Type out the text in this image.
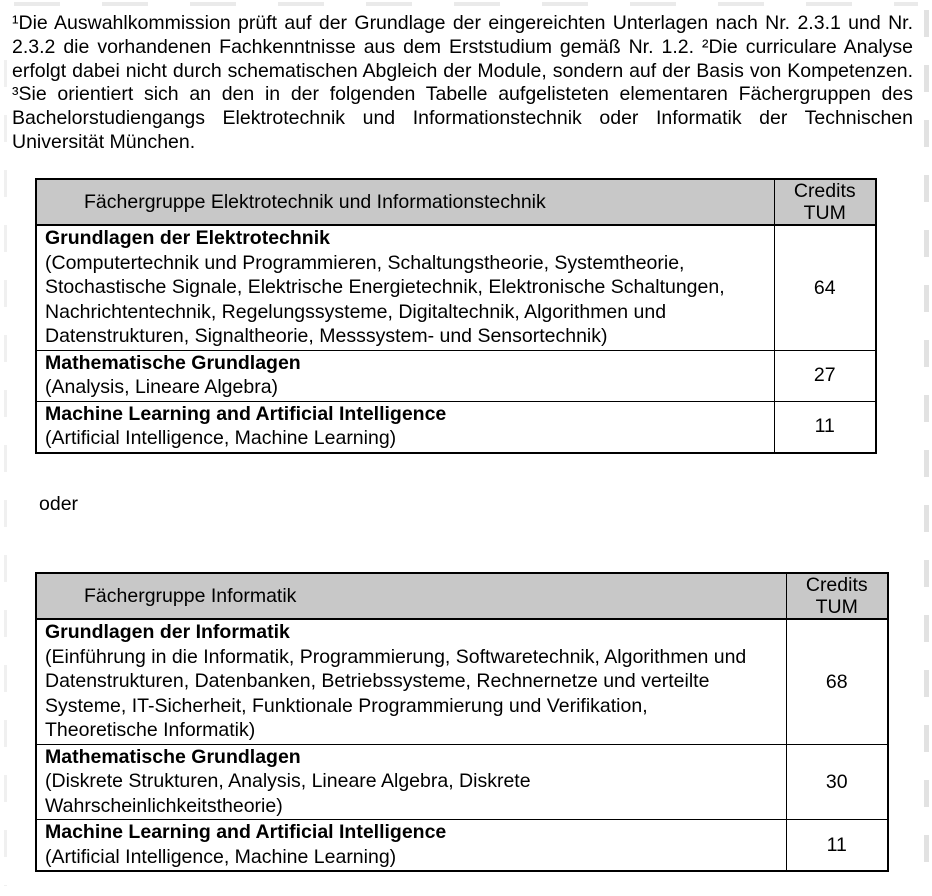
¹Die Auswahlkommission prüft auf der Grundlage der eingereichten Unterlagen nach Nr. 2.3.1 und Nr. 2.3.2 die vorhandenen Fachkenntnisse aus dem Erststudium gemäß Nr. 1.2. ²Die curriculare Analyse erfolgt dabei nicht durch schematischen Abgleich der Module, sondern auf der Basis von Kompetenzen. ³Sie orientiert sich an den in der folgenden Tabelle aufgelisteten elementaren Fächergruppen des Bachelorstudiengangs Elektrotechnik und Informationstechnik oder Informatik der Technischen Universität München.

Fächergruppe Elektrotechnik und Informationstechnik	Credits
TUM

Grundlagen der Elektrotechnik
(Computertechnik und Programmieren, Schaltungstheorie, Systemtheorie, Stochastische Signale, Elektrische Energietechnik, Elektronische Schaltungen, Nachrichtentechnik, Regelungssysteme, Digitaltechnik, Algorithmen und Datenstrukturen, Signaltheorie, Messsystem- und Sensortechnik)	64

Mathematische Grundlagen
(Analysis, Lineare Algebra)	27

Machine Learning and Artificial Intelligence
(Artificial Intelligence, Machine Learning)	11

oder

Fächergruppe Informatik	Credits
TUM

Grundlagen der Informatik
(Einführung in die Informatik, Programmierung, Softwaretechnik, Algorithmen und Datenstrukturen, Datenbanken, Betriebssysteme, Rechnernetze und verteilte Systeme, IT-Sicherheit, Funktionale Programmierung und Verifikation, Theoretische Informatik)	68

Mathematische Grundlagen
(Diskrete Strukturen, Analysis, Lineare Algebra, Diskrete Wahrscheinlichkeitstheorie)	30

Machine Learning and Artificial Intelligence
(Artificial Intelligence, Machine Learning)	11
